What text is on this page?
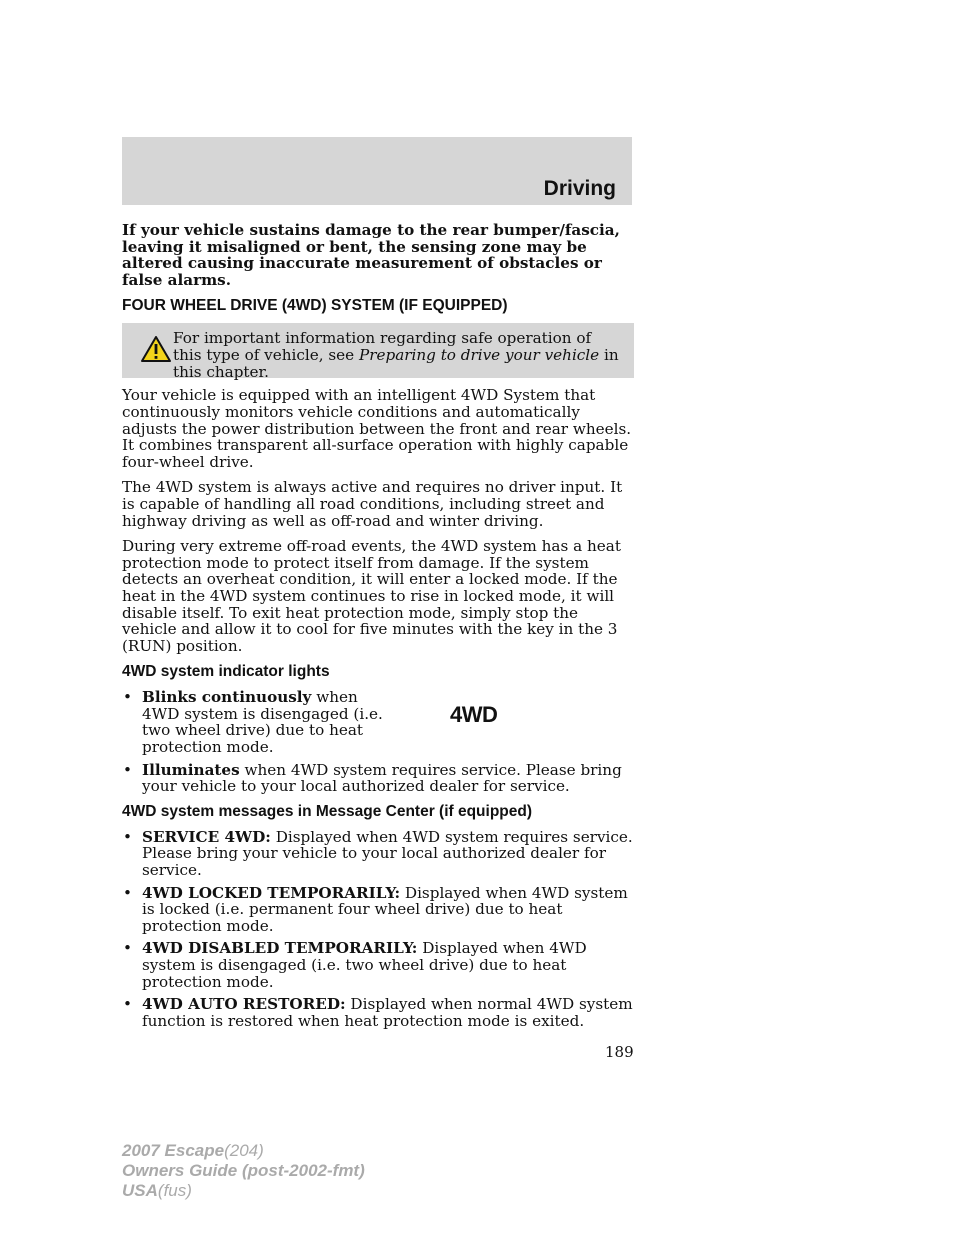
Driving

If your vehicle sustains damage to the rear bumper/fascia, leaving it misaligned or bent, the sensing zone may be altered causing inaccurate measurement of obstacles or false alarms.

FOUR WHEEL DRIVE (4WD) SYSTEM (IF EQUIPPED)
For important information regarding safe operation of this type of vehicle, see Preparing to drive your vehicle in this chapter.

Your vehicle is equipped with an intelligent 4WD System that continuously monitors vehicle conditions and automatically adjusts the power distribution between the front and rear wheels. It combines transparent all-surface operation with highly capable four-wheel drive.

The 4WD system is always active and requires no driver input. It is capable of handling all road conditions, including street and highway driving as well as off-road and winter driving.

During very extreme off-road events, the 4WD system has a heat protection mode to protect itself from damage. If the system detects an overheat condition, it will enter a locked mode. If the heat in the 4WD system continues to rise in locked mode, it will disable itself. To exit heat protection mode, simply stop the vehicle and allow it to cool for five minutes with the key in the 3 (RUN) position.

4WD system indicator lights
4WD
• Blinks continuously when 4WD system is disengaged (i.e. two wheel drive) due to heat protection mode.
• Illuminates when 4WD system requires service. Please bring your vehicle to your local authorized dealer for service.
4WD system messages in Message Center (if equipped)
• SERVICE 4WD: Displayed when 4WD system requires service. Please bring your vehicle to your local authorized dealer for service.
• 4WD LOCKED TEMPORARILY: Displayed when 4WD system is locked (i.e. permanent four wheel drive) due to heat protection mode.
• 4WD DISABLED TEMPORARILY: Displayed when 4WD system is disengaged (i.e. two wheel drive) due to heat protection mode.
• 4WD AUTO RESTORED: Displayed when normal 4WD system function is restored when heat protection mode is exited.
189
2007 Escape(204)
Owners Guide (post-2002-fmt)
USA(fus)
